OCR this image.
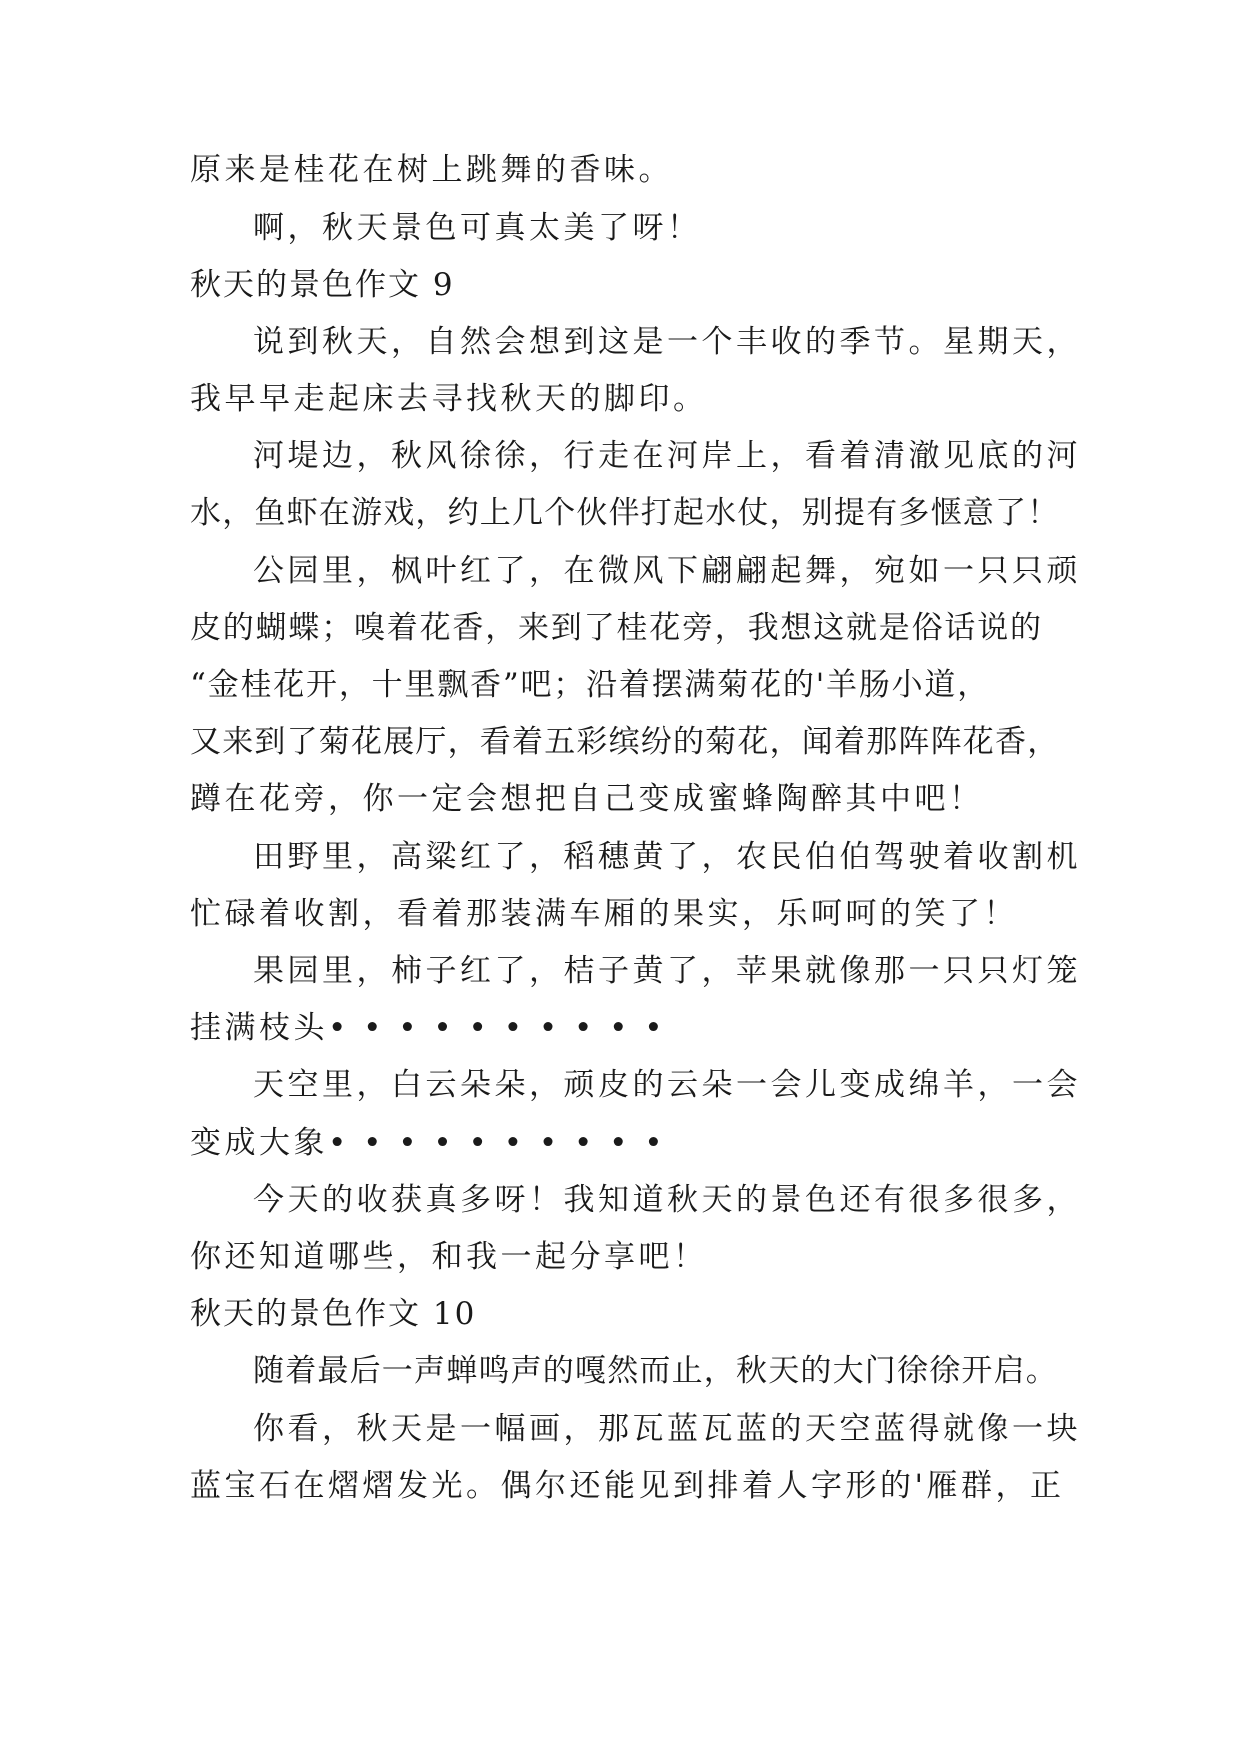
原来是桂花在树上跳舞的香味。
啊，秋天景色可真太美了呀！
秋天的景色作文 9
说到秋天，自然会想到这是一个丰收的季节。星期天，
我早早走起床去寻找秋天的脚印。
河堤边，秋风徐徐，行走在河岸上，看着清澈见底的河
水，鱼虾在游戏，约上几个伙伴打起水仗，别提有多惬意了！
公园里，枫叶红了，在微风下翩翩起舞，宛如一只只顽
皮的蝴蝶；嗅着花香，来到了桂花旁，我想这就是俗话说的
“金桂花开，十里飘香”吧；沿着摆满菊花的'羊肠小道，
又来到了菊花展厅，看着五彩缤纷的菊花，闻着那阵阵花香，
蹲在花旁，你一定会想把自己变成蜜蜂陶醉其中吧！
田野里，高粱红了，稻穗黄了，农民伯伯驾驶着收割机
忙碌着收割，看着那装满车厢的果实，乐呵呵的笑了！
果园里，柿子红了，桔子黄了，苹果就像那一只只灯笼
挂满枝头• • • • • • • • • •
天空里，白云朵朵，顽皮的云朵一会儿变成绵羊，一会
变成大象• • • • • • • • • •
今天的收获真多呀！我知道秋天的景色还有很多很多，
你还知道哪些，和我一起分享吧！
秋天的景色作文 10
随着最后一声蝉鸣声的嘎然而止，秋天的大门徐徐开启。
你看，秋天是一幅画，那瓦蓝瓦蓝的天空蓝得就像一块
蓝宝石在熠熠发光。偶尔还能见到排着人字形的'雁群，正
